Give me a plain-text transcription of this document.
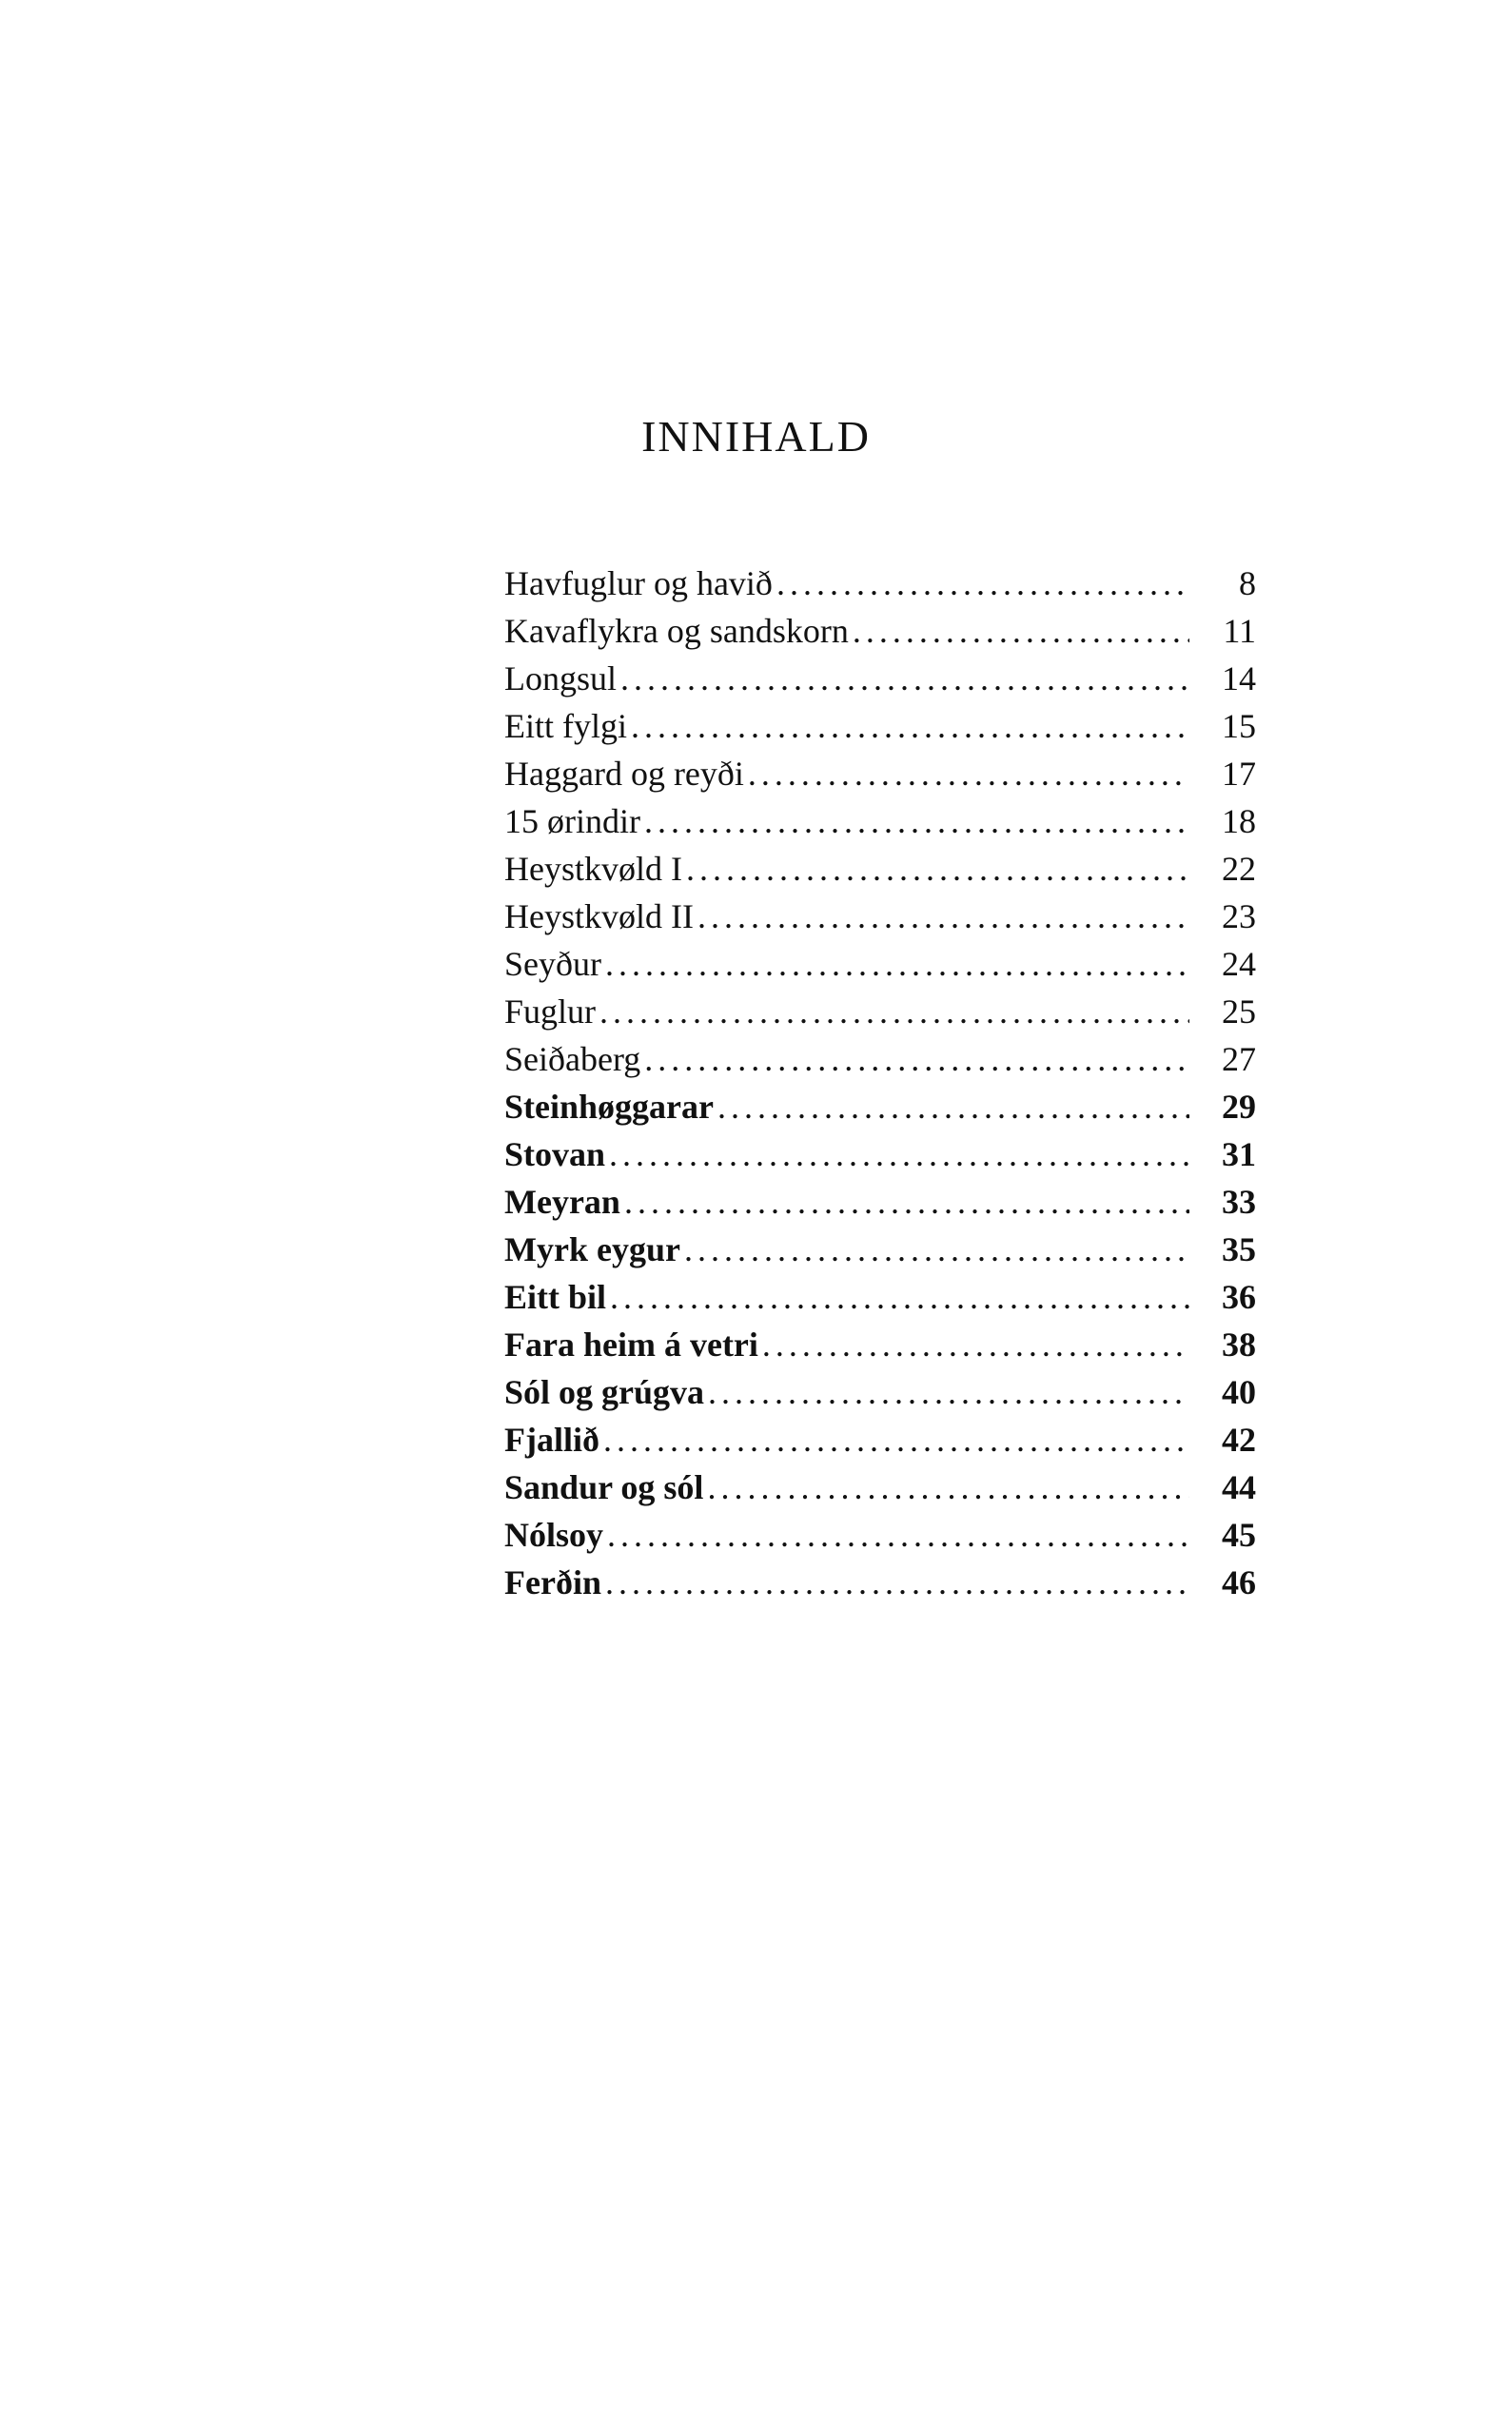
INNIHALD
Havfuglur og havið . . .	8
Kavaflykra og sandskorn . . .	11
Longsul . . .	14
Eitt fylgi . . .	15
Haggard og reyði . . .	17
15 ørindir . . .	18
Heystkvøld I . . .	22
Heystkvøld II . . .	23
Seyður . . .	24
Fuglur . . .	25
Seiðaberg . . .	27
Steinhøggarar . . .	29
Stovan . . .	31
Meyran . . .	33
Myrk eygur . . .	35
Eitt bil . . .	36
Fara heim á vetri . . .	38
Sól og grúgva . . .	40
Fjallið . . .	42
Sandur og sól . . .	44
Nólsoy . . .	45
Ferðin . . .	46
